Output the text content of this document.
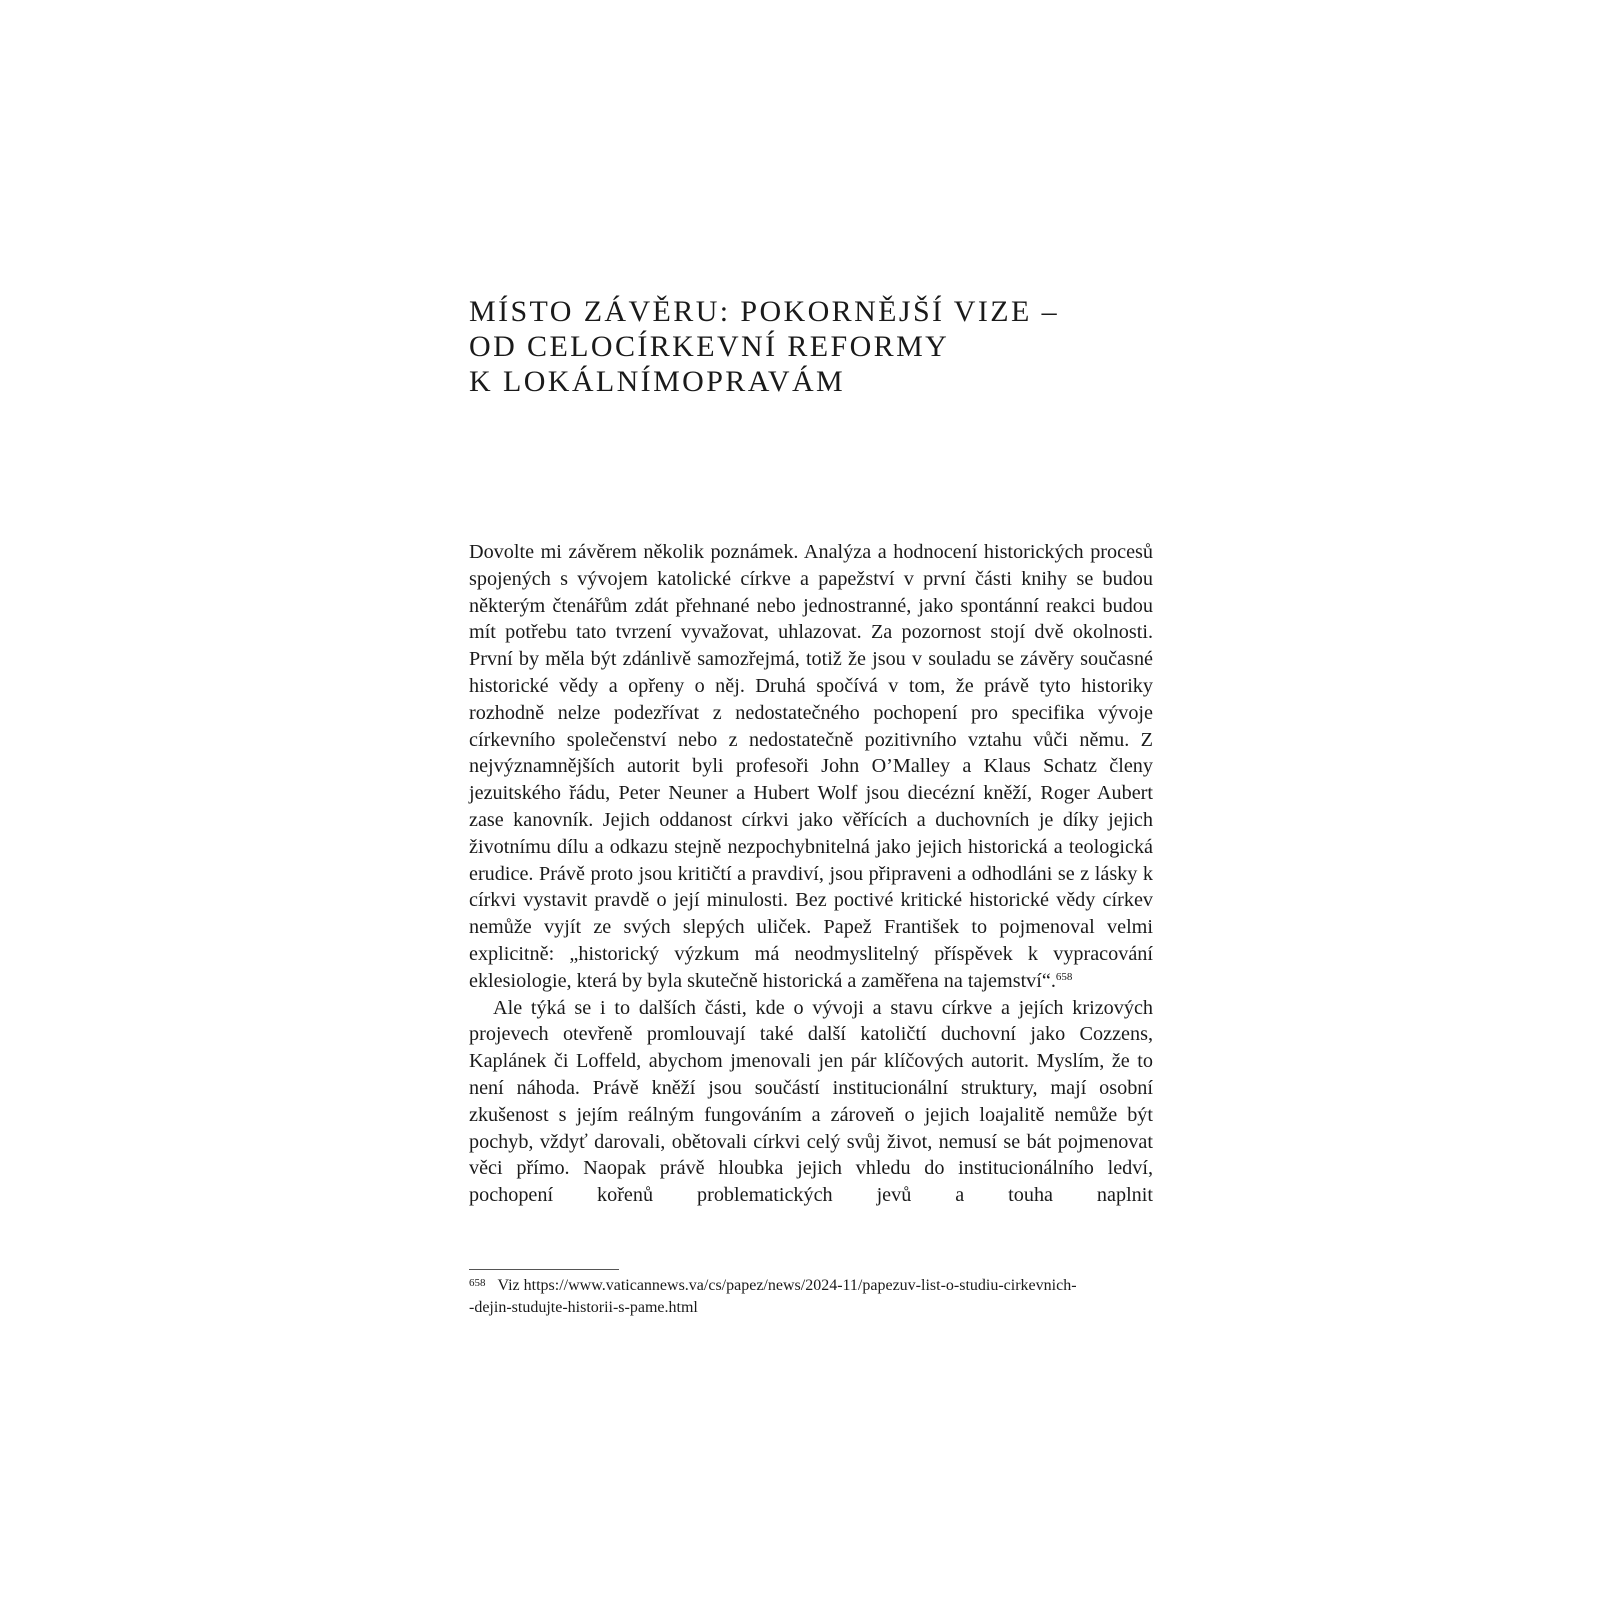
MÍSTO ZÁVĚRU: POKORNĚJŠÍ VIZE –
OD CELOCÍRKEVNÍ REFORMY
K LOKÁLNÍMOPRAVÁM

Dovolte mi závěrem několik poznámek. Analýza a hodnocení historických procesů spojených s vývojem katolické církve a papežství v první části knihy se budou některým čtenářům zdát přehnané nebo jednostranné, jako spontánní reakci budou mít potřebu tato tvrzení vyvažovat, uhlazovat. Za pozornost stojí dvě okolnosti. První by měla být zdánlivě samozřejmá, totiž že jsou v souladu se závěry současné historické vědy a opřeny o něj. Druhá spočívá v tom, že právě tyto historiky rozhodně nelze podezřívat z nedostatečného pochopení pro specifika vývoje církevního společenství nebo z nedostatečně pozitivního vztahu vůči němu. Z nejvýznamnějších autorit byli profesoři John O’Malley a Klaus Schatz členy jezuitského řádu, Peter Neuner a Hubert Wolf jsou diecézní kněží, Roger Aubert zase kanovník. Jejich oddanost církvi jako věřících a duchovních je díky jejich životnímu dílu a odkazu stejně nezpochybnitelná jako jejich historická a teologická erudice. Právě proto jsou kritičtí a pravdiví, jsou připraveni a odhodláni se z lásky k církvi vystavit pravdě o její minulosti. Bez poctivé kritické historické vědy církev nemůže vyjít ze svých slepých uliček. Papež František to pojmenoval velmi explicitně: „historický výzkum má neodmyslitelný příspěvek k vypracování eklesiologie, která by byla skutečně historická a zaměřena na tajemství“.$^{658}$

Ale týká se i to dalších části, kde o vývoji a stavu církve a jejích krizových projevech otevřeně promlouvají také další katoličtí duchovní jako Cozzens, Kaplánek či Loffeld, abychom jmenovali jen pár klíčových autorit. Myslím, že to není náhoda. Právě kněží jsou součástí institucionální struktury, mají osobní zkušenost s jejím reálným fungováním a zároveň o jejich loajalitě nemůže být pochyb, vždyť darovali, obětovali církvi celý svůj život, nemusí se bát pojmenovat věci přímo. Naopak právě hloubka jejich vhledu do institucionálního ledví, pochopení kořenů problematických jevů a touha naplnit

$^{658}$ Viz https://www.vaticannews.va/cs/papez/news/2024-11/papezuv-list-o-studiu-cirkevnich-
-dejin-studujte-historii-s-pame.html
